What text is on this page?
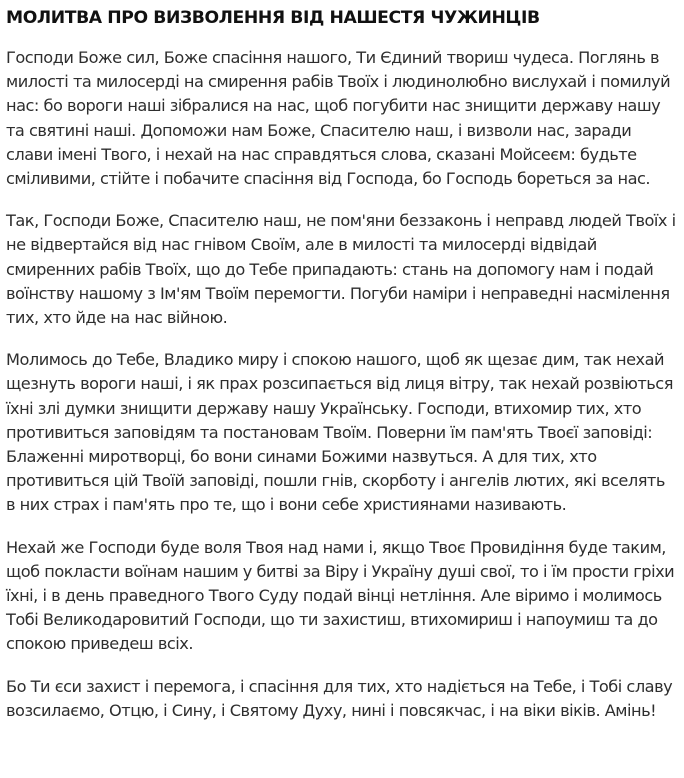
МОЛИТВА ПРО ВИЗВОЛЕННЯ ВІД НАШЕСТЯ ЧУЖИНЦІВ

Господи Боже сил, Боже спасіння нашого, Ти Єдиний твориш чудеса. Поглянь в милості та милосерді на смирення рабів Твоїх і людинолюбно вислухай і помилуй нас: бо вороги наші зібралися на нас, щоб погубити нас знищити державу нашу та святині наші. Допоможи нам Боже, Спасителю наш, і визволи нас, заради слави імені Твого, і нехай на нас справдяться слова, сказані Мойсеєм: будьте сміливими, стійте і побачите спасіння від Господа, бо Господь бореться за нас.

Так, Господи Боже, Спасителю наш, не пом'яни беззаконь і неправд людей Твоїх і не відвертайся від нас гнівом Своїм, але в милості та милосерді відвідай смиренних рабів Твоїх, що до Тебе припадають: стань на допомогу нам і подай воїнству нашому з Ім'ям Твоїм перемогти. Погуби наміри і неправедні насмілення тих, хто йде на нас війною.

Молимось до Тебе, Владико миру і спокою нашого, щоб як щезає дим, так нехай щезнуть вороги наші, і як прах розсипається від лиця вітру, так нехай розвіються їхні злі думки знищити державу нашу Українську. Господи, втихомир тих, хто противиться заповідям та постановам Твоїм. Поверни їм пам'ять Твоєї заповіді: Блаженні миротворці, бо вони синами Божими назвуться. А для тих, хто противиться цій Твоїй заповіді, пошли гнів, скорботу і ангелів лютих, які вселять в них страх і пам'ять про те, що і вони себе християнами називають.

Нехай же Господи буде воля Твоя над нами і, якщо Твоє Провидіння буде таким, щоб покласти воїнам нашим у битві за Віру і Україну душі свої, то і їм прости гріхи їхні, і в день праведного Твого Суду подай вінці нетління. Але віримо і молимось Тобі Великодаровитий Господи, що ти захистиш, втихомириш і напоумиш та до спокою приведеш всіх.

Бо Ти єси захист і перемога, і спасіння для тих, хто надіється на Тебе, і Тобі славу возсилаємо, Отцю, і Сину, і Святому Духу, нині і повсякчас, і на віки віків. Амінь!
